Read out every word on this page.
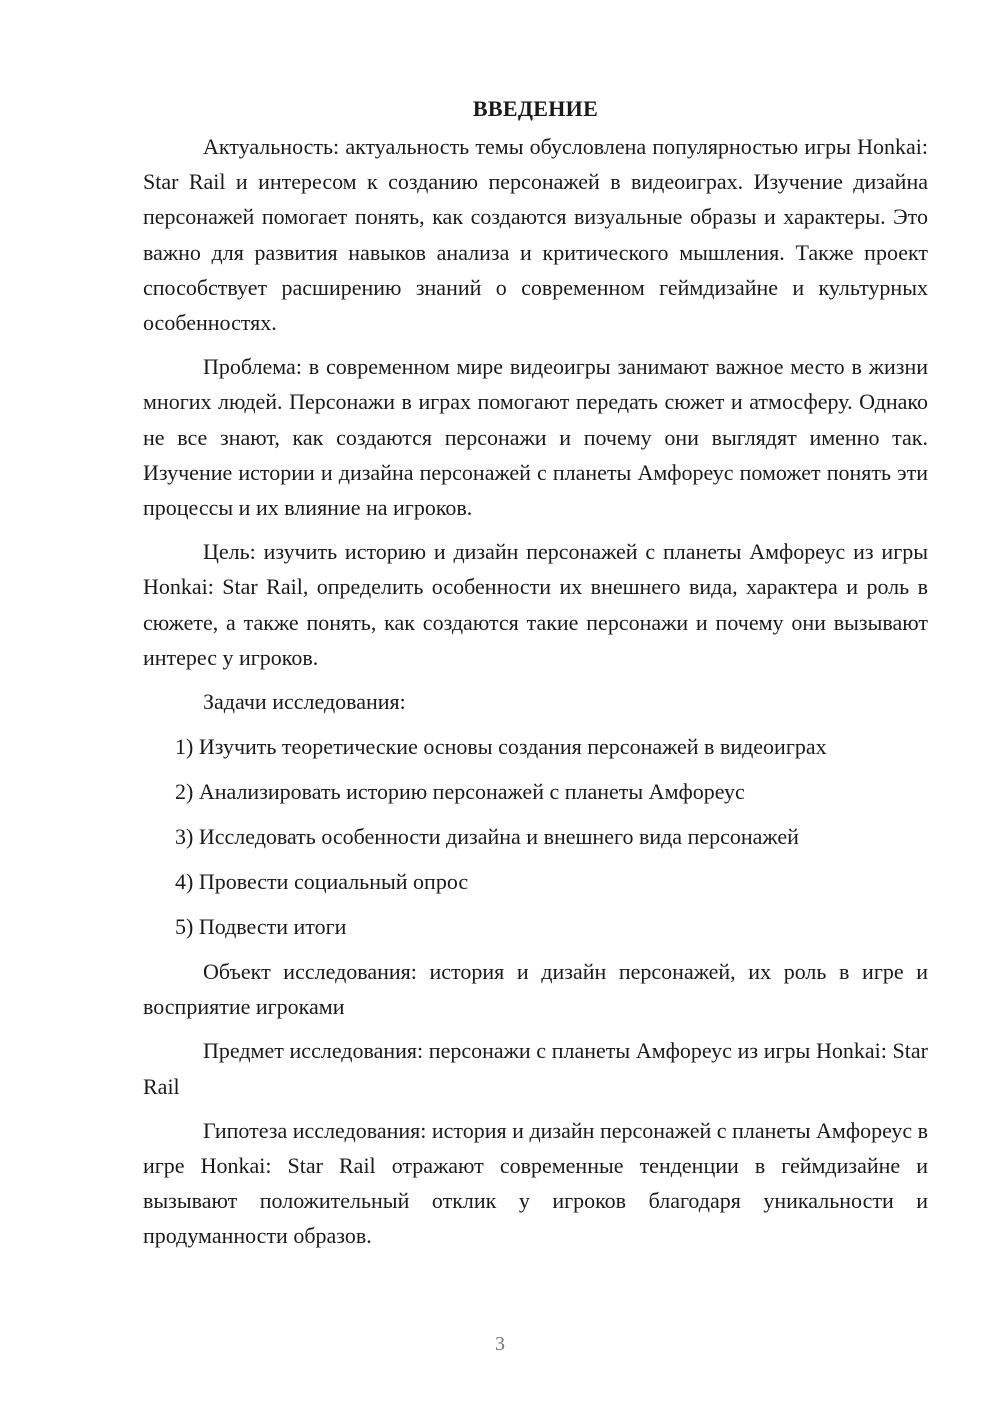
ВВЕДЕНИЕ

Актуальность: актуальность темы обусловлена популярностью игры Honkai: Star Rail и интересом к созданию персонажей в видеоиграх. Изучение дизайна персонажей помогает понять, как создаются визуальные образы и характеры. Это важно для развития навыков анализа и критического мышления. Также проект способствует расширению знаний о современном геймдизайне и культурных особенностях.

Проблема: в современном мире видеоигры занимают важное место в жизни многих людей. Персонажи в играх помогают передать сюжет и атмосферу. Однако не все знают, как создаются персонажи и почему они выглядят именно так. Изучение истории и дизайна персонажей с планеты Амфореус поможет понять эти процессы и их влияние на игроков.

Цель: изучить историю и дизайн персонажей с планеты Амфореус из игры Honkai: Star Rail, определить особенности их внешнего вида, характера и роль в сюжете, а также понять, как создаются такие персонажи и почему они вызывают интерес у игроков.

Задачи исследования:

1) Изучить теоретические основы создания персонажей в видеоиграх

2) Анализировать историю персонажей с планеты Амфореус

3) Исследовать особенности дизайна и внешнего вида персонажей

4) Провести социальный опрос

5) Подвести итоги

Объект исследования: история и дизайн персонажей, их роль в игре и восприятие игроками

Предмет исследования: персонажи с планеты Амфореус из игры Honkai: Star Rail

Гипотеза исследования: история и дизайн персонажей с планеты Амфореус в игре Honkai: Star Rail отражают современные тенденции в геймдизайне и вызывают положительный отклик у игроков благодаря уникальности и продуманности образов.

3
